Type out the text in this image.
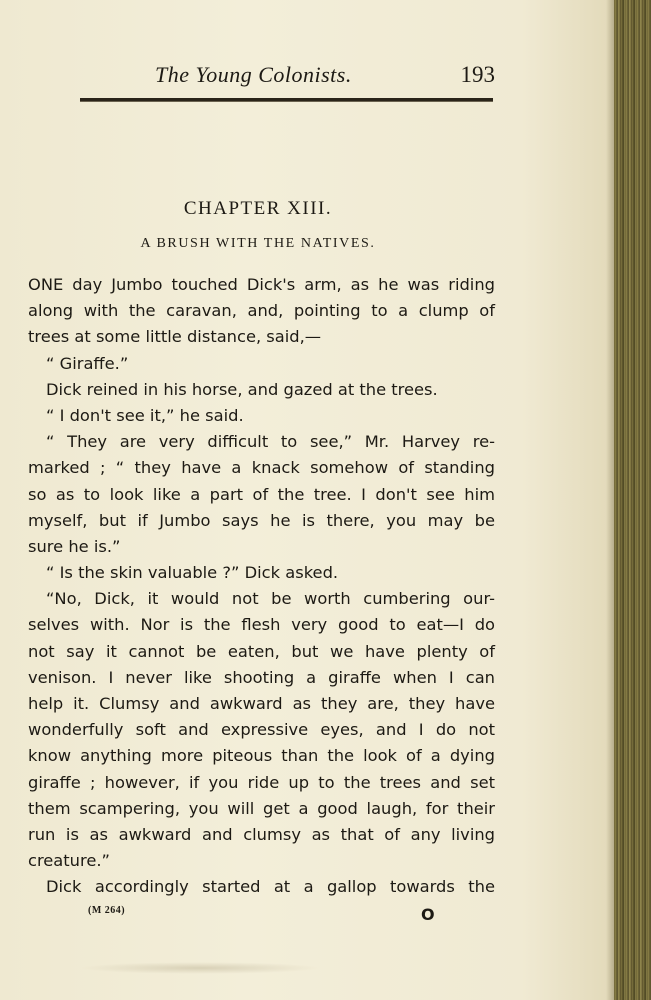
The Young Colonists.	193
CHAPTER XIII.
A BRUSH WITH THE NATIVES.
ONE day Jumbo touched Dick's arm, as he was riding
along with the caravan, and, pointing to a clump of
trees at some little distance, said,—
“ Giraffe.”
Dick reined in his horse, and gazed at the trees.
“ I don't see it,” he said.
“ They are very difficult to see,” Mr. Harvey re-
marked ; “ they have a knack somehow of standing
so as to look like a part of the tree. I don't see him
myself, but if Jumbo says he is there, you may be
sure he is.”
“ Is the skin valuable ?” Dick asked.
“No, Dick, it would not be worth cumbering our-
selves with. Nor is the flesh very good to eat—I do
not say it cannot be eaten, but we have plenty of
venison. I never like shooting a giraffe when I can
help it. Clumsy and awkward as they are, they have
wonderfully soft and expressive eyes, and I do not
know anything more piteous than the look of a dying
giraffe ; however, if you ride up to the trees and set
them scampering, you will get a good laugh, for their
run is as awkward and clumsy as that of any living
creature.”
Dick accordingly started at a gallop towards the
(M 264)	O
